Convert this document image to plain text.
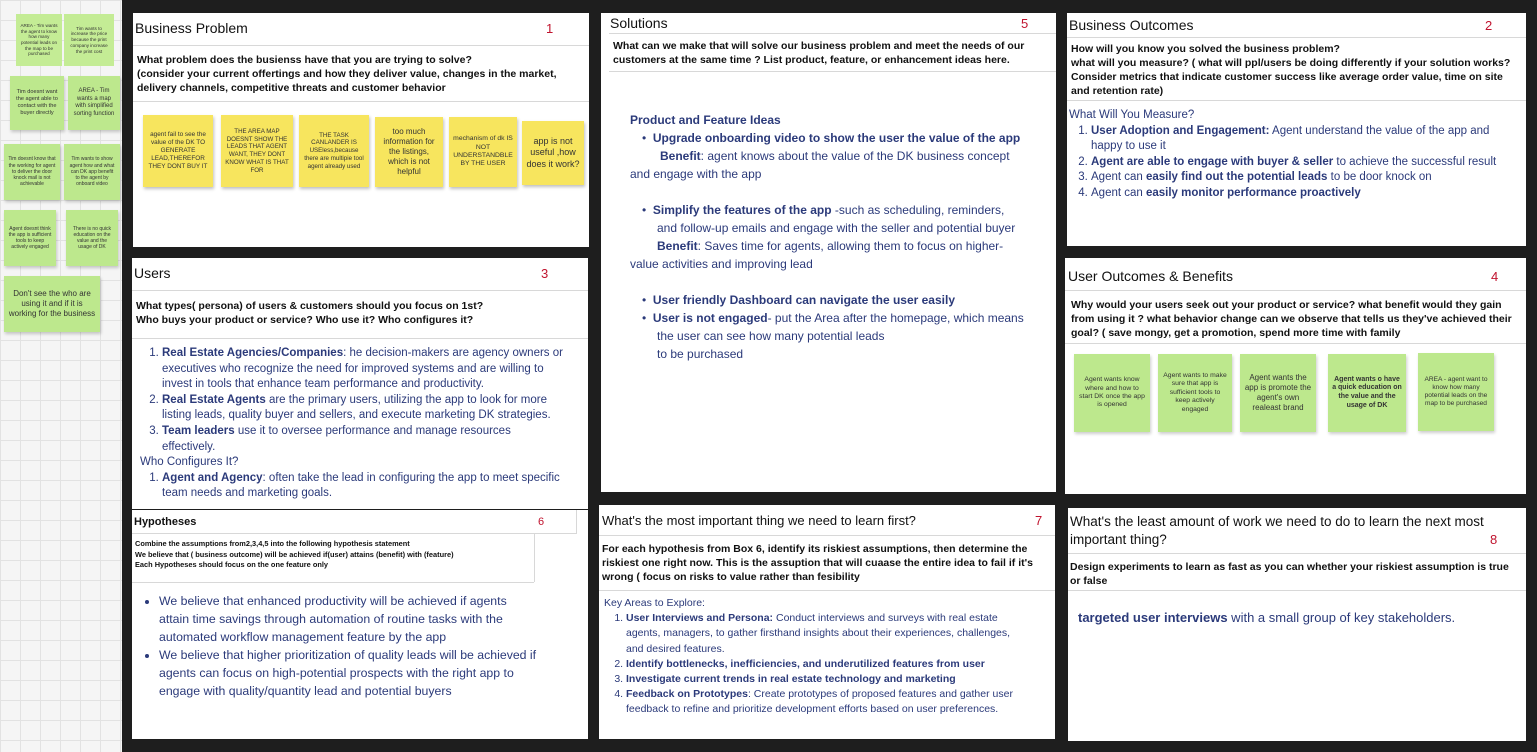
AREA - Tim wants the agent to know how many potential leads on the map to be purchased
Tim wants to increase the price because the print company increase the print cost
Tim doesnt want the agent able to contact with the buyer directly
AREA - Tim wants a map with simplified sorting function
Tim doesnt know that the working for agent to deliver the door knock mail is not achievable
Tim wants to show agent how and what can DK app benefit to the agent by onboard video
Agent doesnt think the app is sufficient tools to keep actively engaged
There is no quick education on the value and the usage of DK
Don't see the who are using it and if it is working for the business
Business Problem	1
What problem does the busienss have that you are trying to solve?
(consider your current offertings and how they deliver value, changes in the market, delivery channels, competitive threats and customer behavior
agent fail to see the value of the DK TO GENERATE LEAD,THEREFOR THEY DONT BUY IT
THE AREA MAP DOESNT SHOW THE LEADS THAT AGENT WANT, THEY DONT KNOW WHAT IS THAT FOR
THE TASK CANLANDER IS USEless,because there are multipie tool agent already used
too much information for the listings, which is not helpful
mechanism of dk IS NOT UNDERSTANDBLE BY THE USER
app is not useful ,how does it work?
Solutions	5
What can we make that will solve our business problem and meet the needs of our customers at the same time ? List product, feature, or enhancement ideas here.
Product and Feature Ideas
•  Upgrade onboarding video to show the user the value of the app
Benefit: agent knows about the value of the DK business concept
and engage with the app
•  Simplify the features of the app -such as scheduling, reminders,
and follow-up emails and engage with the seller and potential buyer
Benefit: Saves time for agents, allowing them to focus on higher-
value activities and improving lead
•  User friendly Dashboard can navigate the user easily
•  User is not engaged- put the Area after the homepage, which means
the user can see how many potential leads
to be purchased
Business Outcomes	2
How will you know you solved the business problem?
what will you measure? ( what will ppl/users be doing differently if your solution works? Consider metrics that indicate customer success like average order value, time on site and retention rate)
What Will You Measure?
1. User Adoption and Engagement: Agent understand the value of the app and happy to use it
2. Agent are able to engage with buyer & seller to achieve the successful result
3. Agent can easily find out the potential leads to be door knock on
4. Agent can easily monitor performance proactively
Users	3
What types( persona) of users & customers should you focus on 1st?
Who buys your product or service? Who use it? Who configures it?
1. Real Estate Agencies/Companies: he decision-makers are agency owners or executives who recognize the need for improved systems and are willing to invest in tools that enhance team performance and productivity.
2. Real Estate Agents are the primary users, utilizing the app to look for more listing leads, quality buyer and sellers, and execute marketing DK strategies.
3. Team leaders use it to oversee performance and manage resources effectively.
Who Configures It?
1. Agent and Agency: often take the lead in configuring the app to meet specific team needs and marketing goals.
User Outcomes & Benefits	4
Why would your users seek out your product or service? what benefit would they gain from using it ? what behavior change can we observe that tells us they've achieved their goal? ( save mongy, get a promotion, spend more time with family
Agent wants know where and how to start DK once the app is opened
Agent wants to make sure that app is sufficient tools to keep actively engaged
Agent wants the app is promote the agent's own realeast brand
Agent wants o have a quick education on the value and the usage of DK
AREA - agent want to know how many potential leads on the map to be purchased
Hypotheses	6
Combine the assumptions from2,3,4,5 into the following hypothesis statement
We believe that ( business outcome) will be achieved if(user) attains (benefit) with (feature)
Each Hypotheses should focus on the one feature only
• We believe that enhanced productivity will be achieved if agents attain time savings through automation of routine tasks with the automated workflow management feature by the app
• We believe that higher prioritization of quality leads will be achieved if agents can focus on high-potential prospects with the right app to engage with quality/quantity lead and potential buyers
What's the most important thing we need to learn first?	7
For each hypothesis from Box 6, identify its riskiest assumptions, then determine the riskiest one right now. This is the assuption that will cuaase the entire idea to fail if it's wrong ( focus on risks to value rather than fesibility
Key Areas to Explore:
1. User Interviews and Persona: Conduct interviews and surveys with real estate agents, managers, to gather firsthand insights about their experiences, challenges, and desired features.
2. Identify bottlenecks, inefficiencies, and underutilized features from user
3. Investigate current trends in real estate technology and marketing
4. Feedback on Prototypes: Create prototypes of proposed features and gather user feedback to refine and prioritize development efforts based on user preferences.
What's the least amount of work we need to do to learn the next most important thing?	8
Design experiments to learn as fast as you can whether your riskiest assumption is true or false
targeted user interviews with a small group of key stakeholders.
